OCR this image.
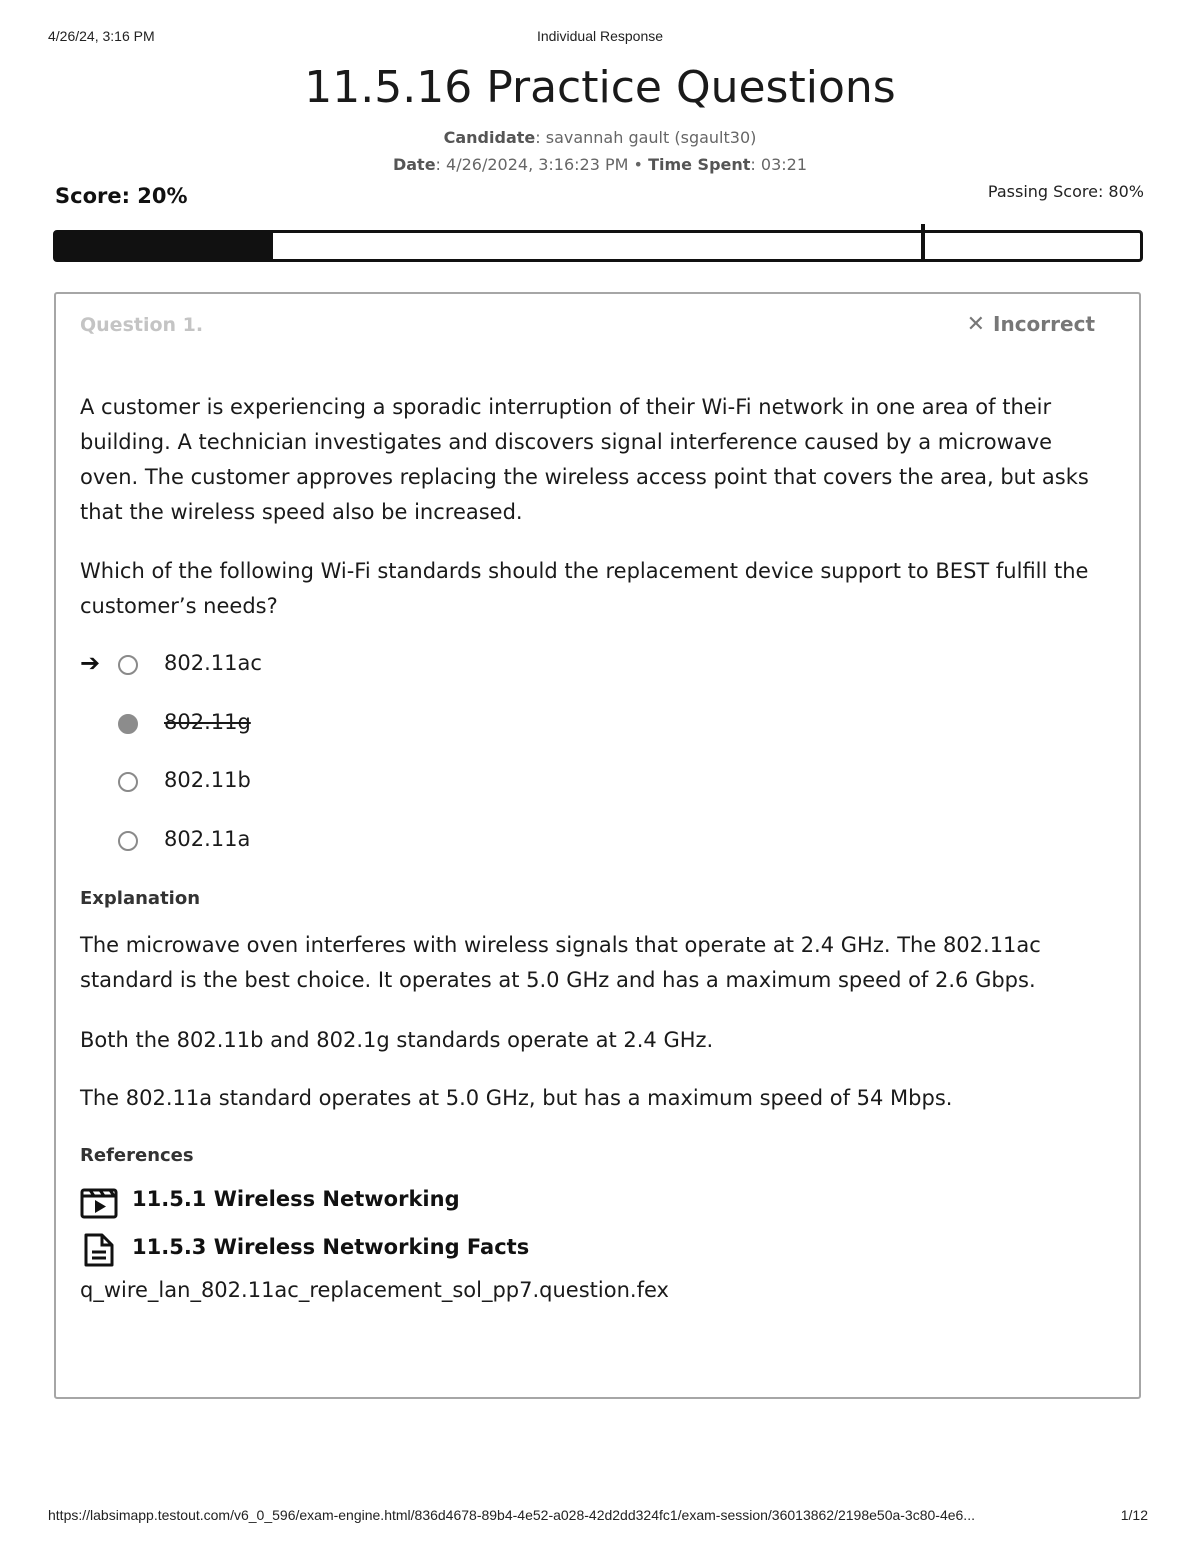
4/26/24, 3:16 PM	Individual Response
11.5.16 Practice Questions
Candidate: savannah gault (sgault30)
Date: 4/26/2024, 3:16:23 PM • Time Spent: 03:21
Score: 20%	Passing Score: 80%
Question 1.	✕ Incorrect

A customer is experiencing a sporadic interruption of their Wi-Fi network in one area of their building. A technician investigates and discovers signal interference caused by a microwave oven. The customer approves replacing the wireless access point that covers the area, but asks that the wireless speed also be increased.

Which of the following Wi-Fi standards should the replacement device support to BEST fulfill the customer’s needs?

➔	802.11ac
802.11g
802.11b
802.11a
Explanation

The microwave oven interferes with wireless signals that operate at 2.4 GHz. The 802.11ac standard is the best choice. It operates at 5.0 GHz and has a maximum speed of 2.6 Gbps.

Both the 802.11b and 802.1g standards operate at 2.4 GHz.

The 802.11a standard operates at 5.0 GHz, but has a maximum speed of 54 Mbps.

References
11.5.1 Wireless Networking
11.5.3 Wireless Networking Facts
q_wire_lan_802.11ac_replacement_sol_pp7.question.fex
https://labsimapp.testout.com/v6_0_596/exam-engine.html/836d4678-89b4-4e52-a028-42d2dd324fc1/exam-session/36013862/2198e50a-3c80-4e6...	1/12
